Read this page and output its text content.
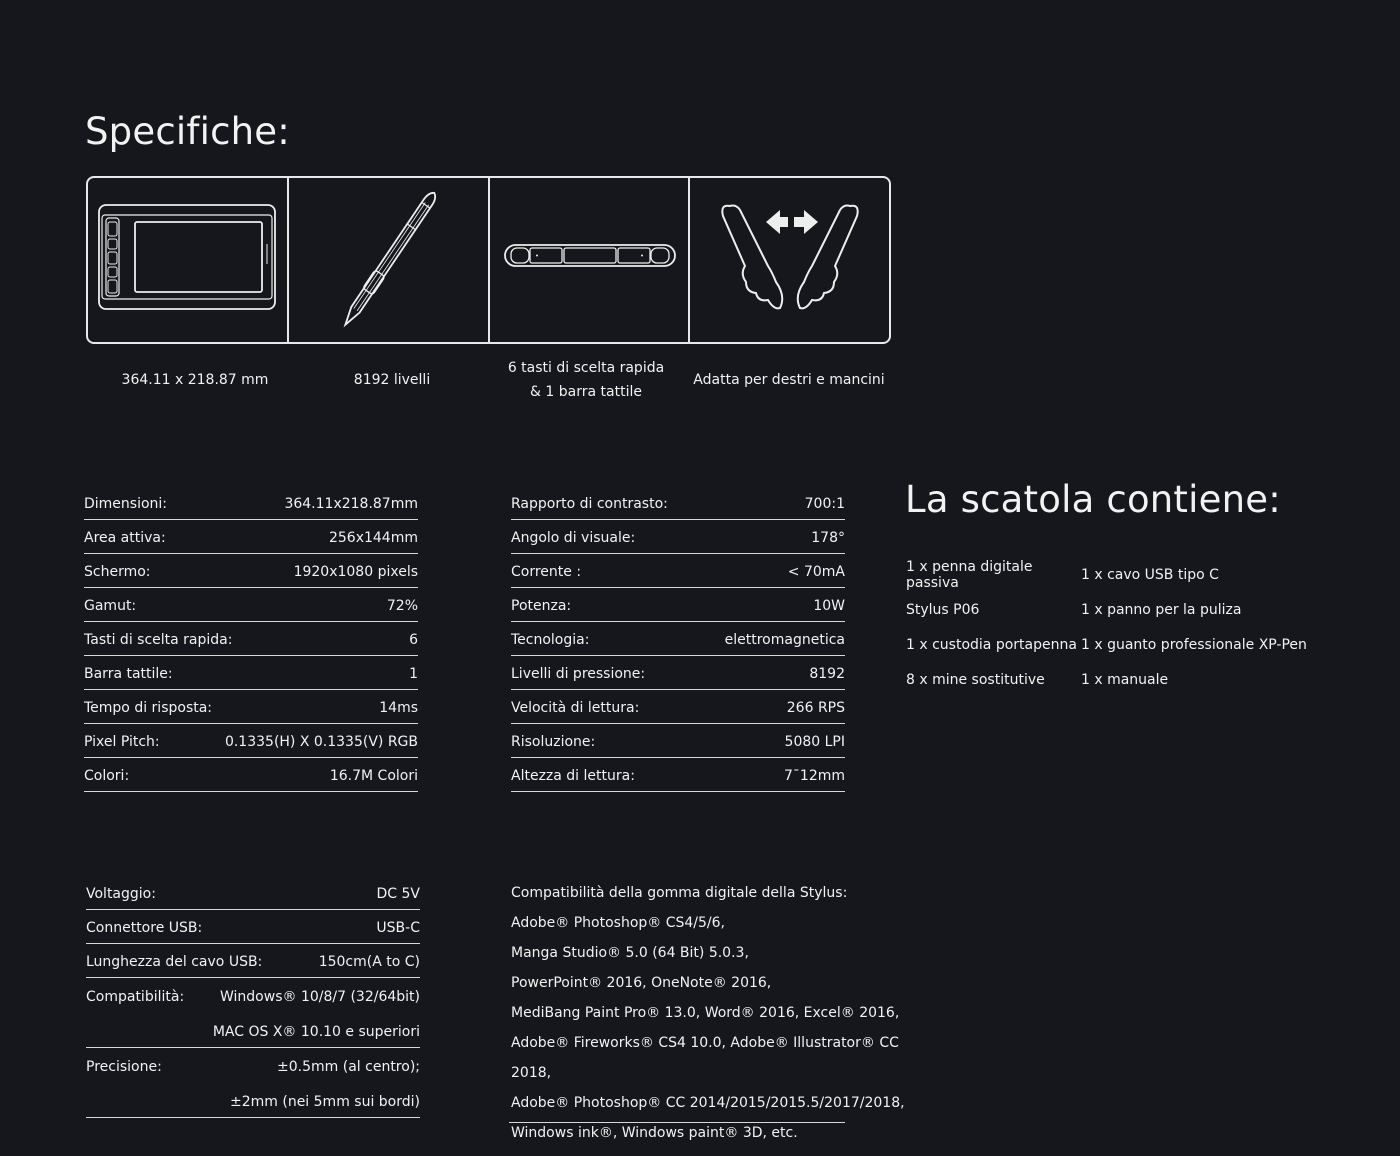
Specifiche:
364.11 x 218.87 mm	8192 livelli
6 tasti di scelta rapida
& 1 barra tattile
Adatta per destri e mancini
Dimensioni:	364.11x218.87mm
Area attiva:	256x144mm
Schermo:	1920x1080 pixels
Gamut:	72%
Tasti di scelta rapida:	6
Barra tattile:	1
Tempo di risposta:	14ms
Pixel Pitch:	0.1335(H) X 0.1335(V) RGB
Colori:	16.7M Colori
Rapporto di contrasto:	700:1
Angolo di visuale:	178°
Corrente :	< 70mA
Potenza:	10W
Tecnologia:	elettromagnetica
Livelli di pressione:	8192
Velocità di lettura:	266 RPS
Risoluzione:	5080 LPI
Altezza di lettura:	7¯12mm
La scatola contiene:
1 x penna digitale passiva	1 x cavo USB tipo C
Stylus P06	1 x panno per la puliza
1 x custodia portapenna 1 x guanto professionale XP-Pen
8 x mine sostitutive	1 x manuale
Voltaggio:	DC 5V
Connettore USB:	USB-C
Lunghezza del cavo USB:	150cm(A to C)
Compatibilità:	Windows® 10/8/7 (32/64bit)
MAC OS X® 10.10 e superiori
Precisione:	±0.5mm (al centro);
±2mm (nei 5mm sui bordi)
Compatibilità della gomma digitale della Stylus:
Adobe® Photoshop® CS4/5/6,
Manga Studio® 5.0 (64 Bit) 5.0.3,
PowerPoint® 2016, OneNote® 2016,
MediBang Paint Pro® 13.0, Word® 2016, Excel® 2016,
Adobe® Fireworks® CS4 10.0, Adobe® Illustrator® CC 2018,
Adobe® Photoshop® CC 2014/2015/2015.5/2017/2018,
Windows ink®, Windows paint® 3D, etc.
